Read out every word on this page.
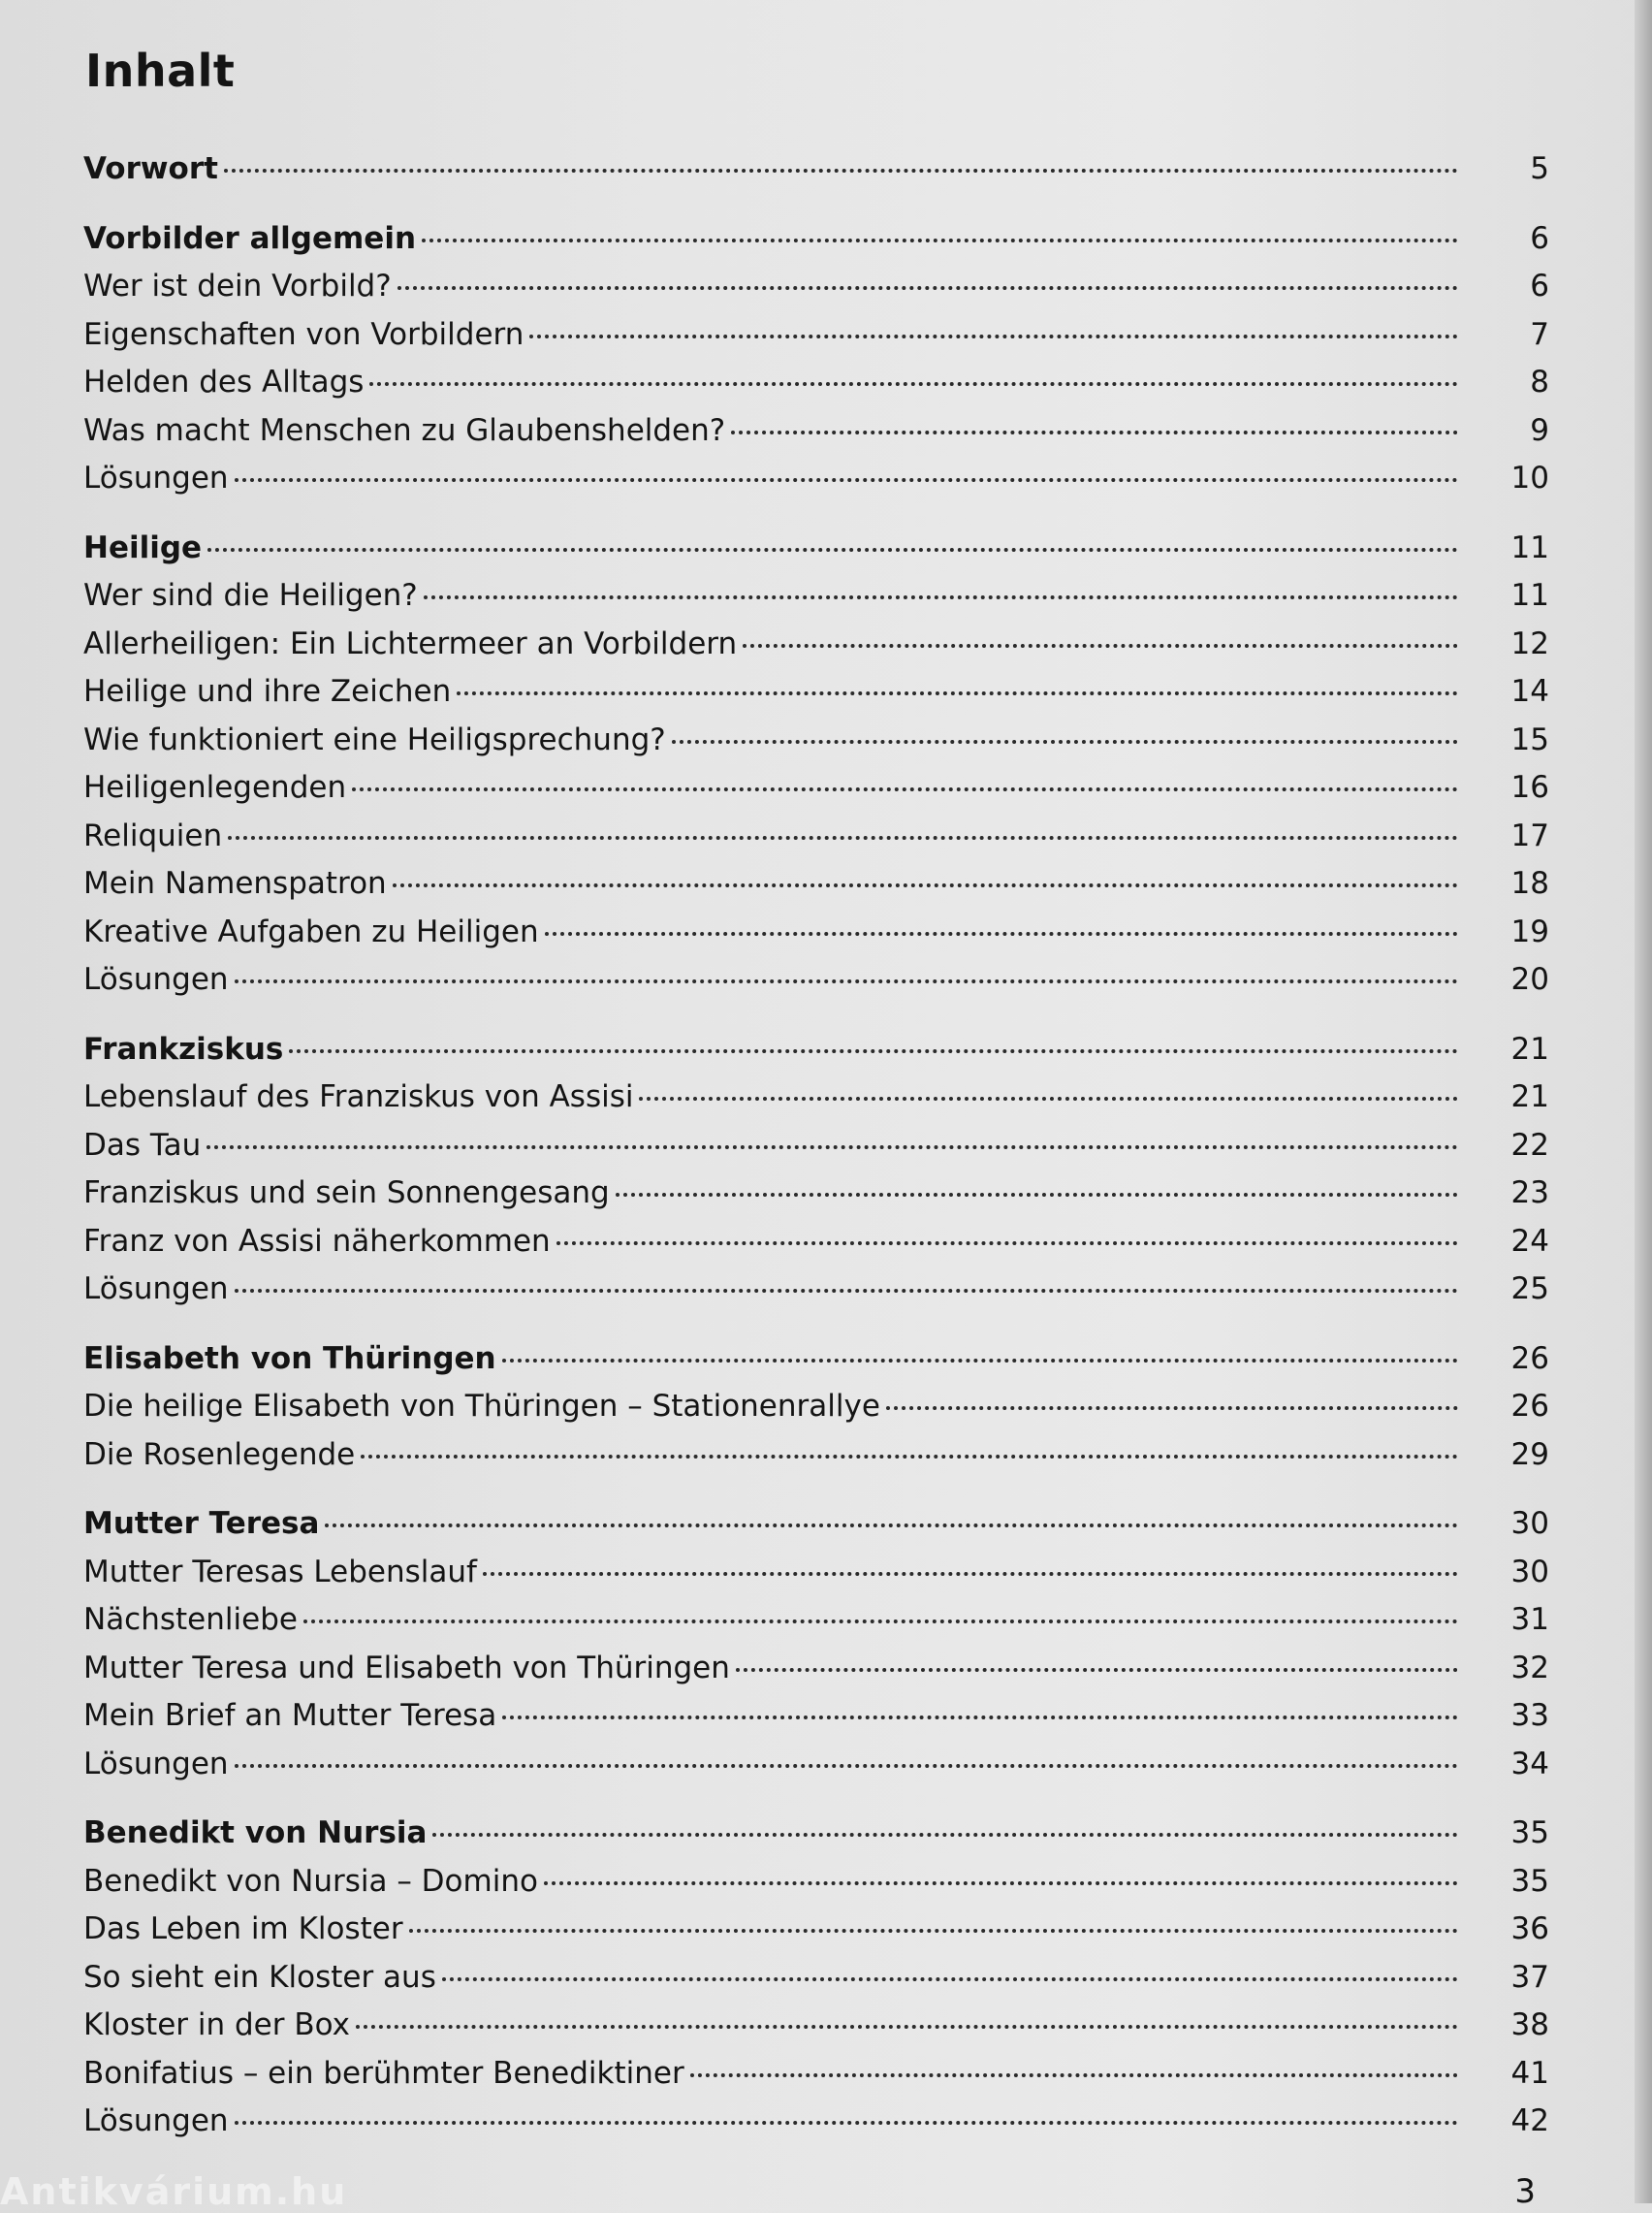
Inhalt
Vorwort	5
Vorbilder allgemein	6
Wer ist dein Vorbild?	6
Eigenschaften von Vorbildern	7
Helden des Alltags	8
Was macht Menschen zu Glaubenshelden?	9
Lösungen	10
Heilige	11
Wer sind die Heiligen?	11
Allerheiligen: Ein Lichtermeer an Vorbildern	12
Heilige und ihre Zeichen	14
Wie funktioniert eine Heiligsprechung?	15
Heiligenlegenden	16
Reliquien	17
Mein Namenspatron	18
Kreative Aufgaben zu Heiligen	19
Lösungen	20
Frankziskus	21
Lebenslauf des Franziskus von Assisi	21
Das Tau	22
Franziskus und sein Sonnengesang	23
Franz von Assisi näherkommen	24
Lösungen	25
Elisabeth von Thüringen	26
Die heilige Elisabeth von Thüringen – Stationenrallye	26
Die Rosenlegende	29
Mutter Teresa	30
Mutter Teresas Lebenslauf	30
Nächstenliebe	31
Mutter Teresa und Elisabeth von Thüringen	32
Mein Brief an Mutter Teresa	33
Lösungen	34
Benedikt von Nursia	35
Benedikt von Nursia – Domino	35
Das Leben im Kloster	36
So sieht ein Kloster aus	37
Kloster in der Box	38
Bonifatius – ein berühmter Benediktiner	41
Lösungen	42
Antikvárium.hu	3
